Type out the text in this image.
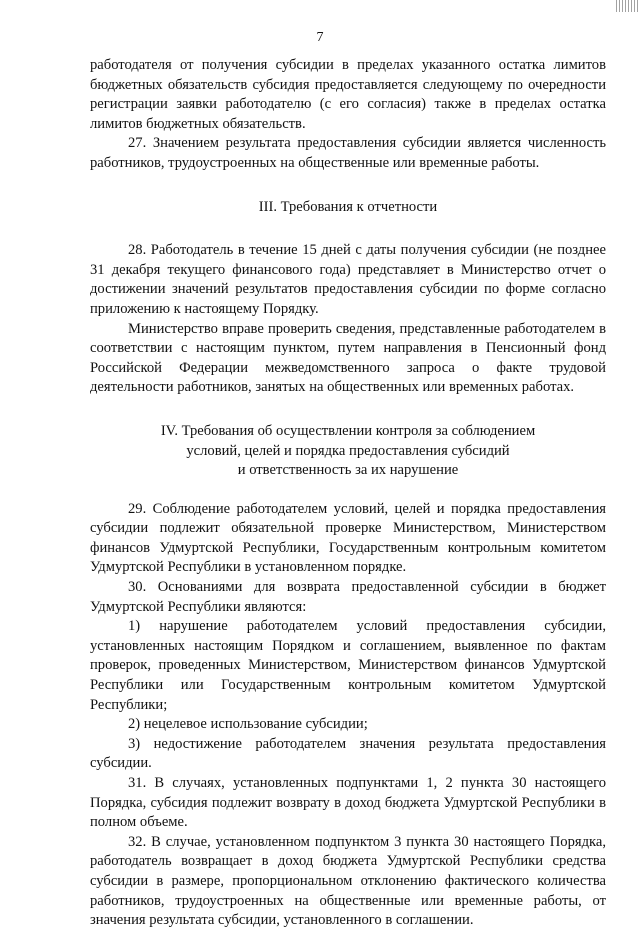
7

работодателя от получения субсидии в пределах указанного остатка лимитов бюджетных обязательств субсидия предоставляется следующему по очередности регистрации заявки работодателю (с его согласия) также в пределах остатка лимитов бюджетных обязательств.

27. Значением результата предоставления субсидии является численность работников, трудоустроенных на общественные или временные работы.

III. Требования к отчетности

28. Работодатель в течение 15 дней с даты получения субсидии (не позднее 31 декабря текущего финансового года) представляет в Министерство отчет о достижении значений результатов предоставления субсидии по форме согласно приложению к настоящему Порядку.

Министерство вправе проверить сведения, представленные работодателем в соответствии с настоящим пунктом, путем направления в Пенсионный фонд Российской Федерации межведомственного запроса о факте трудовой деятельности работников, занятых на общественных или временных работах.

IV. Требования об осуществлении контроля за соблюдением

условий, целей и порядка предоставления субсидий

и ответственность за их нарушение

29. Соблюдение работодателем условий, целей и порядка предоставления субсидии подлежит обязательной проверке Министерством, Министерством финансов Удмуртской Республики, Государственным контрольным комитетом Удмуртской Республики в установленном порядке.

30. Основаниями для возврата предоставленной субсидии в бюджет Удмуртской Республики являются:

1) нарушение работодателем условий предоставления субсидии, установленных настоящим Порядком и соглашением, выявленное по фактам проверок, проведенных Министерством, Министерством финансов Удмуртской Республики или Государственным контрольным комитетом Удмуртской Республики;

2) нецелевое использование субсидии;

3) недостижение работодателем значения результата предоставления субсидии.

31. В случаях, установленных подпунктами 1, 2 пункта 30 настоящего Порядка, субсидия подлежит возврату в доход бюджета Удмуртской Республики в полном объеме.

32. В случае, установленном подпунктом 3 пункта 30 настоящего Порядка, работодатель возвращает в доход бюджета Удмуртской Республики средства субсидии в размере, пропорциональном отклонению фактического количества работников, трудоустроенных на общественные или временные работы, от значения результата субсидии, установленного в соглашении.
